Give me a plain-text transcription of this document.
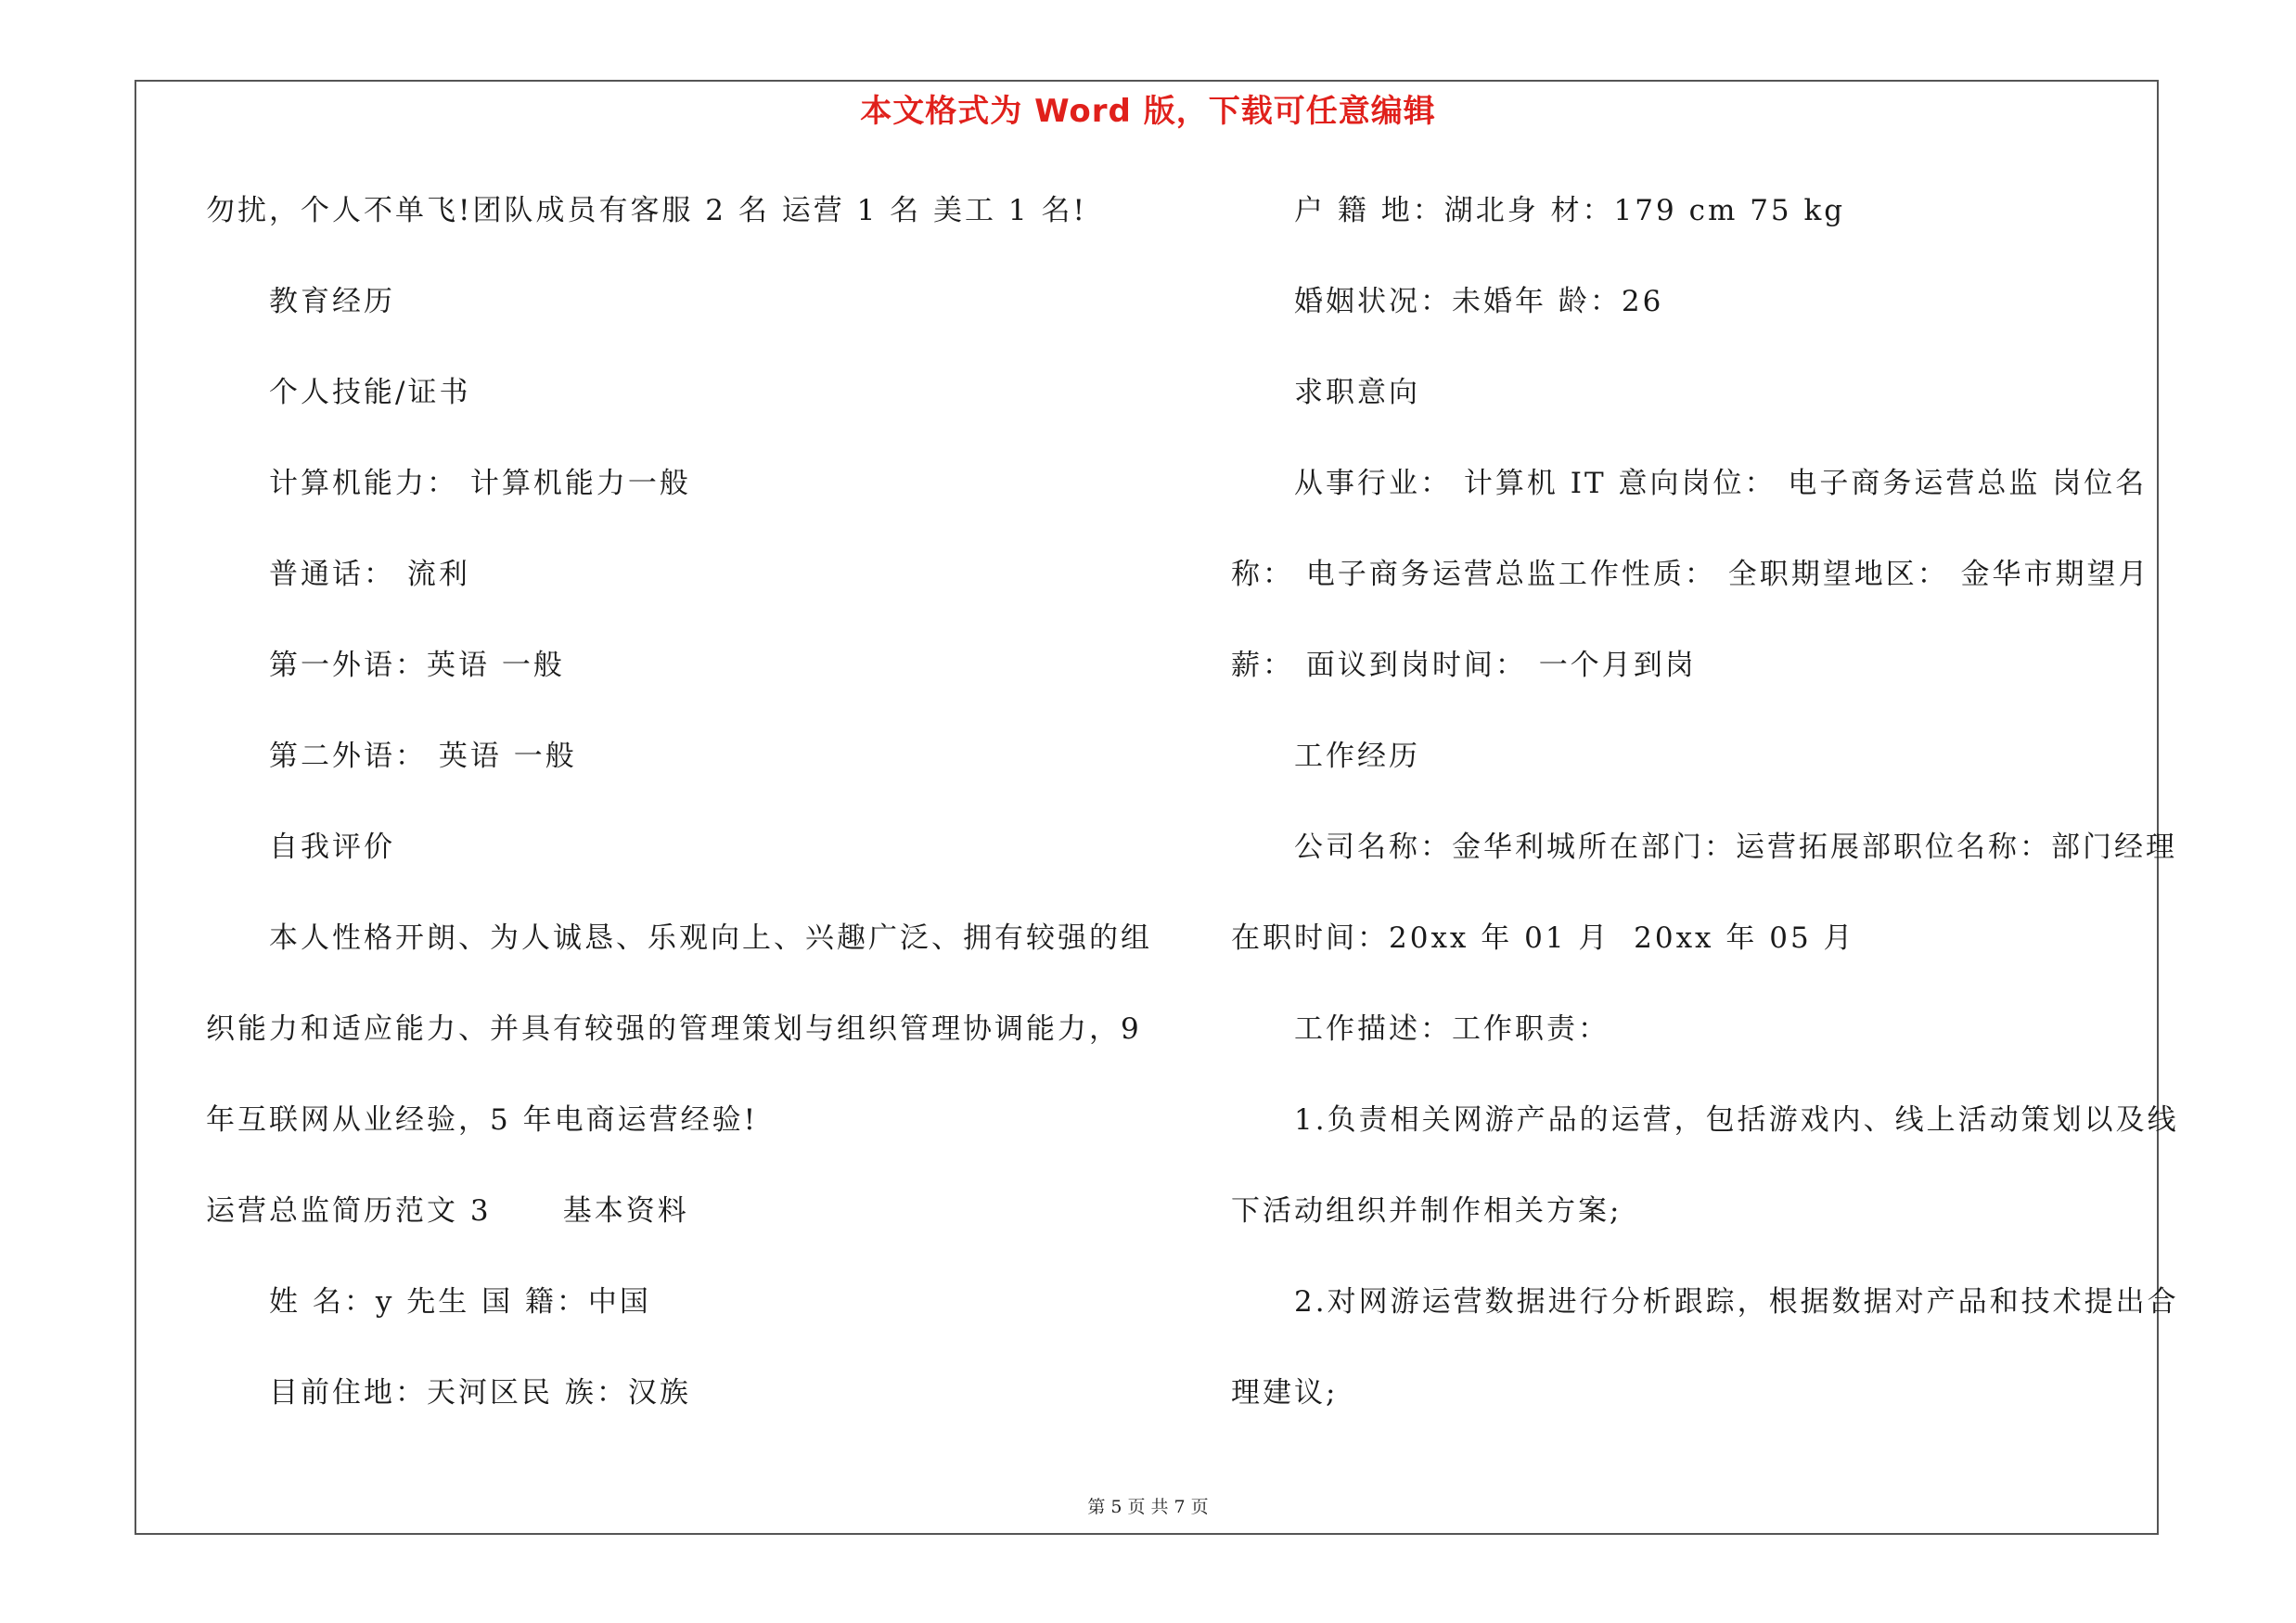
本文格式为 Word 版，下载可任意编辑
勿扰，个人不单飞!团队成员有客服 2 名 运营 1 名 美工 1 名!
教育经历
个人技能/证书
计算机能力： 计算机能力一般
普通话： 流利
第一外语：英语 一般
第二外语： 英语 一般
自我评价
本人性格开朗、为人诚恳、乐观向上、兴趣广泛、拥有较强的组
织能力和适应能力、并具有较强的管理策划与组织管理协调能力，9
年互联网从业经验，5 年电商运营经验!
运营总监简历范文 3      基本资料
姓 名：y 先生 国 籍：中国
目前住地：天河区民 族：汉族
户 籍 地：湖北身 材：179 cm 75 kg
婚姻状况：未婚年 龄：26
求职意向
从事行业： 计算机 IT 意向岗位： 电子商务运营总监 岗位名
称： 电子商务运营总监工作性质： 全职期望地区： 金华市期望月
薪： 面议到岗时间： 一个月到岗
工作经历
公司名称：金华利城所在部门：运营拓展部职位名称：部门经理
在职时间：20xx 年 01 月  20xx 年 05 月
工作描述：工作职责：
1.负责相关网游产品的运营，包括游戏内、线上活动策划以及线
下活动组织并制作相关方案;
2.对网游运营数据进行分析跟踪，根据数据对产品和技术提出合
理建议;
第 5 页 共 7 页
